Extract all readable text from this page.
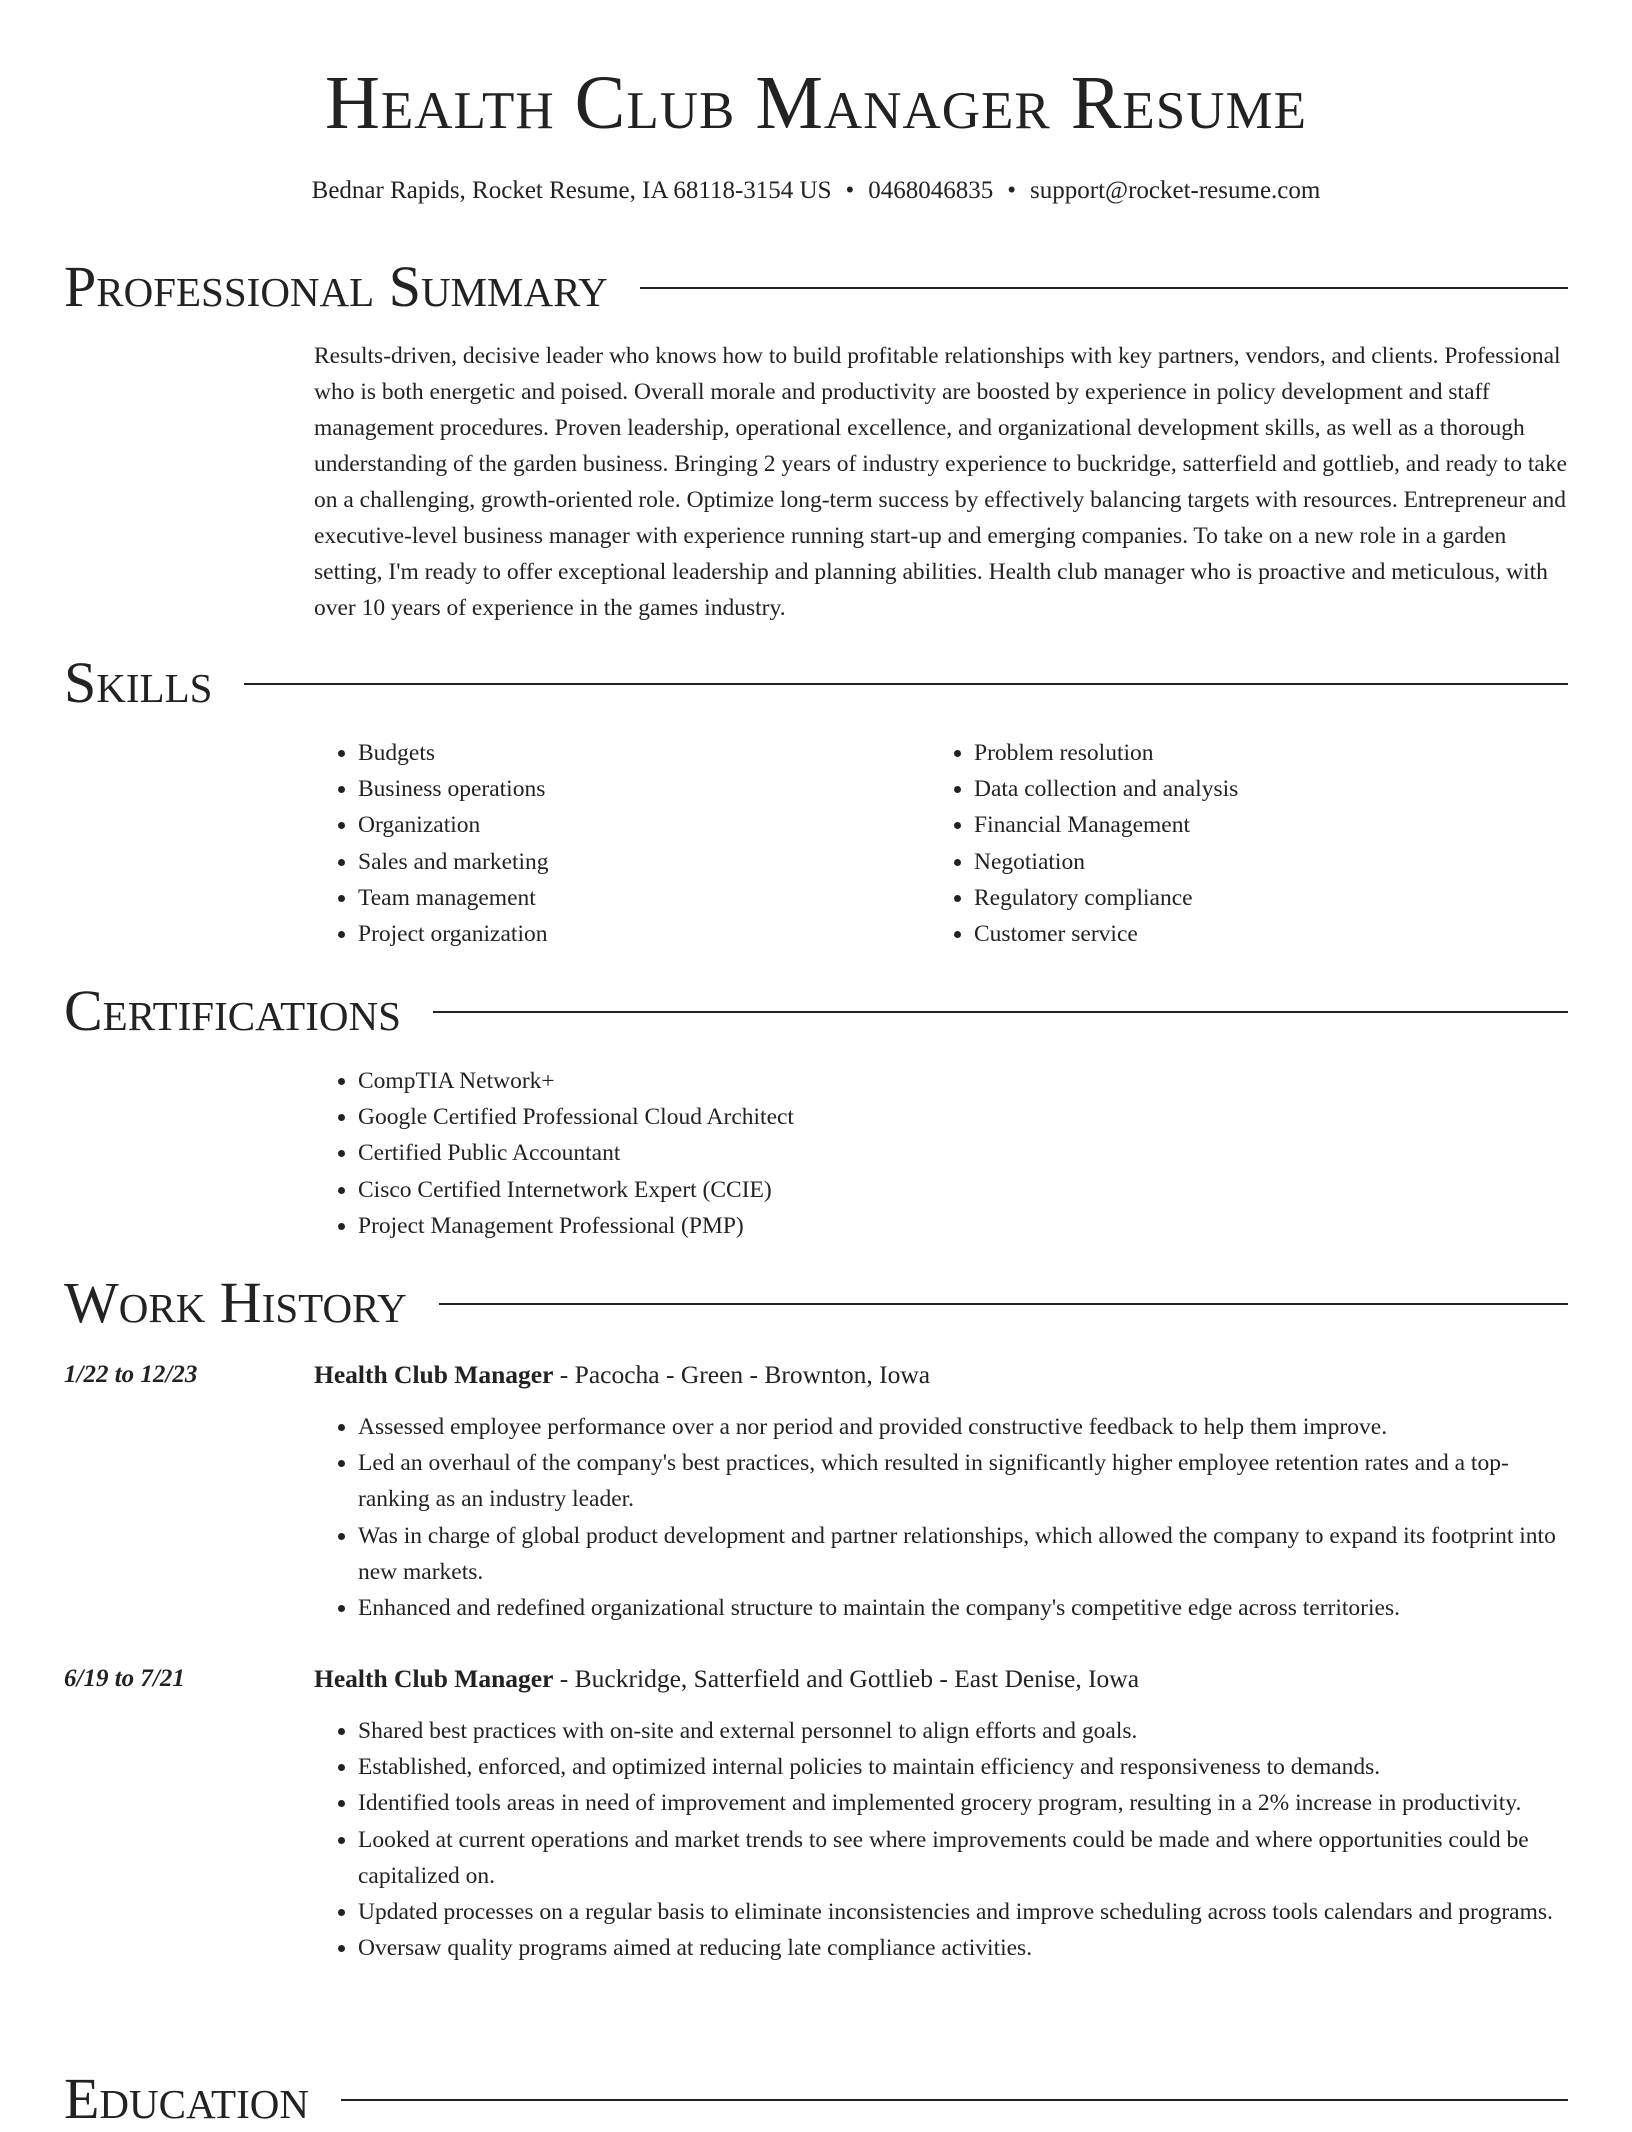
Health Club Manager Resume
Bednar Rapids, Rocket Resume, IA 68118-3154 US • 0468046835 • support@rocket-resume.com
Professional Summary

Results-driven, decisive leader who knows how to build profitable relationships with key partners, vendors, and clients. Professional who is both energetic and poised. Overall morale and productivity are boosted by experience in policy development and staff management procedures. Proven leadership, operational excellence, and organizational development skills, as well as a thorough understanding of the garden business. Bringing 2 years of industry experience to buckridge, satterfield and gottlieb, and ready to take on a challenging, growth-oriented role. Optimize long-term success by effectively balancing targets with resources. Entrepreneur and executive-level business manager with experience running start-up and emerging companies. To take on a new role in a garden setting, I'm ready to offer exceptional leadership and planning abilities. Health club manager who is proactive and meticulous, with over 10 years of experience in the games industry.

Skills
• Budgets
• Business operations
• Organization
• Sales and marketing
• Team management
• Project organization
• Problem resolution
• Data collection and analysis
• Financial Management
• Negotiation
• Regulatory compliance
• Customer service
Certifications
• CompTIA Network+
• Google Certified Professional Cloud Architect
• Certified Public Accountant
• Cisco Certified Internetwork Expert (CCIE)
• Project Management Professional (PMP)
Work History
1/22 to 12/23	Health Club Manager - Pacocha - Green - Brownton, Iowa
• Assessed employee performance over a nor period and provided constructive feedback to help them improve.
• Led an overhaul of the company's best practices, which resulted in significantly higher employee retention rates and a top-ranking as an industry leader.
• Was in charge of global product development and partner relationships, which allowed the company to expand its footprint into new markets.
• Enhanced and redefined organizational structure to maintain the company's competitive edge across territories.
6/19 to 7/21	Health Club Manager - Buckridge, Satterfield and Gottlieb - East Denise, Iowa
• Shared best practices with on-site and external personnel to align efforts and goals.
• Established, enforced, and optimized internal policies to maintain efficiency and responsiveness to demands.
• Identified tools areas in need of improvement and implemented grocery program, resulting in a 2% increase in productivity.
• Looked at current operations and market trends to see where improvements could be made and where opportunities could be capitalized on.
• Updated processes on a regular basis to eliminate inconsistencies and improve scheduling across tools calendars and programs.
• Oversaw quality programs aimed at reducing late compliance activities.
Education
